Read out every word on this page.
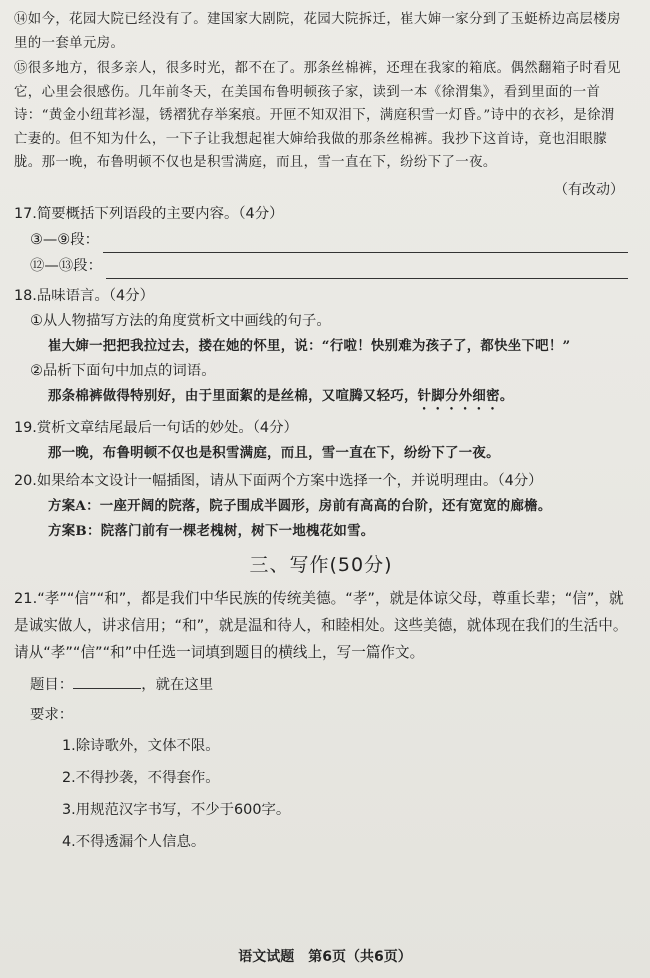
⑭如今，花园大院已经没有了。建国家大剧院，花园大院拆迁，崔大婶一家分到了玉蜓桥边高层楼房里的一套单元房。

⑮很多地方，很多亲人，很多时光，都不在了。那条丝棉裤，还理在我家的箱底。偶然翻箱子时看见它，心里会很感伤。几年前冬天，在美国布鲁明顿孩子家，读到一本《徐渭集》，看到里面的一首诗：“黄金小纽茸衫湿，锈褶犹存举案痕。开匣不知双泪下，满庭积雪一灯昏。”诗中的衣衫，是徐渭亡妻的。但不知为什么，一下子让我想起崔大婶给我做的那条丝棉裤。我抄下这首诗，竟也泪眼朦胧。那一晚，布鲁明顿不仅也是积雪满庭，而且，雪一直在下，纷纷下了一夜。

（有改动）

17.简要概括下列语段的主要内容。（4分）

③—⑨段：
⑫—⑬段：

18.品味语言。（4分）

①从人物描写方法的角度赏析文中画线的句子。

崔大婶一把把我拉过去，搂在她的怀里，说：“行啦！快别难为孩子了，都快坐下吧！”

②品析下面句中加点的词语。

那条棉裤做得特别好，由于里面絮的是丝棉，又喧腾又轻巧，针脚分外细密。

19.赏析文章结尾最后一句话的妙处。（4分）

那一晚，布鲁明顿不仅也是积雪满庭，而且，雪一直在下，纷纷下了一夜。

20.如果给本文设计一幅插图，请从下面两个方案中选择一个，并说明理由。（4分）

方案A：一座开阔的院落，院子围成半圆形，房前有高高的台阶，还有宽宽的廊檐。

方案B：院落门前有一棵老槐树，树下一地槐花如雪。

三、写作(50分)

21.“孝”“信”“和”，都是我们中华民族的传统美德。“孝”，就是体谅父母，尊重长辈；“信”，就是诚实做人，讲求信用；“和”，就是温和待人，和睦相处。这些美德，就体现在我们的生活中。请从“孝”“信”“和”中任选一词填到题目的横线上，写一篇作文。

题目：	，就在这里

要求：

1.除诗歌外，文体不限。

2.不得抄袭，不得套作。

3.用规范汉字书写，不少于600字。

4.不得透漏个人信息。

语文试题　第6页（共6页）
